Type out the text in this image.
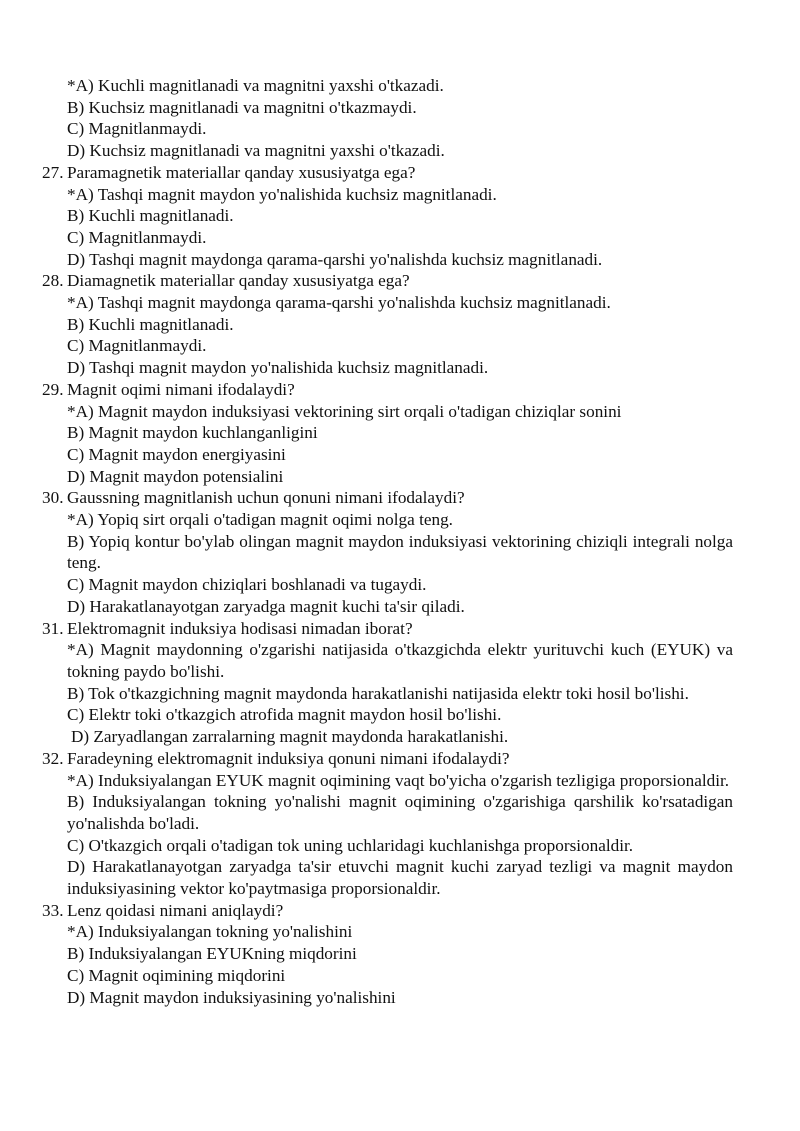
*A) Kuchli magnitlanadi va magnitni yaxshi o'tkazadi.
B) Kuchsiz magnitlanadi va magnitni o'tkazmaydi.
C) Magnitlanmaydi.
D) Kuchsiz magnitlanadi va magnitni yaxshi o'tkazadi.
27. Paramagnetik materiallar qanday xususiyatga ega?
*A) Tashqi magnit maydon yo'nalishida kuchsiz magnitlanadi.
B) Kuchli magnitlanadi.
C) Magnitlanmaydi.
D) Tashqi magnit maydonga qarama-qarshi yo'nalishda kuchsiz magnitlanadi.
28. Diamagnetik materiallar qanday xususiyatga ega?
*A) Tashqi magnit maydonga qarama-qarshi yo'nalishda kuchsiz magnitlanadi.
B) Kuchli magnitlanadi.
C) Magnitlanmaydi.
D) Tashqi magnit maydon yo'nalishida kuchsiz magnitlanadi.
29. Magnit oqimi nimani ifodalaydi?
*A) Magnit maydon induksiyasi vektorining sirt orqali o'tadigan chiziqlar sonini
B) Magnit maydon kuchlanganligini
C) Magnit maydon energiyasini
D) Magnit maydon potensialini
30. Gaussning magnitlanish uchun qonuni nimani ifodalaydi?
*A) Yopiq sirt orqali o'tadigan magnit oqimi nolga teng.
B) Yopiq kontur bo'ylab olingan magnit maydon induksiyasi vektorining chiziqli integrali nolga teng.
C) Magnit maydon chiziqlari boshlanadi va tugaydi.
D) Harakatlanayotgan zaryadga magnit kuchi ta'sir qiladi.
31. Elektromagnit induksiya hodisasi nimadan iborat?
*A) Magnit maydonning o'zgarishi natijasida o'tkazgichda elektr yurituvchi kuch (EYUK) va tokning paydo bo'lishi.
B) Tok o'tkazgichning magnit maydonda harakatlanishi natijasida elektr toki hosil bo'lishi.
C) Elektr toki o'tkazgich atrofida magnit maydon hosil bo'lishi.
D) Zaryadlangan zarralarning magnit maydonda harakatlanishi.
32. Faradeyning elektromagnit induksiya qonuni nimani ifodalaydi?
*A) Induksiyalangan EYUK magnit oqimining vaqt bo'yicha o'zgarish tezligiga proporsionaldir.
B) Induksiyalangan tokning yo'nalishi magnit oqimining o'zgarishiga qarshilik ko'rsatadigan yo'nalishda bo'ladi.
C) O'tkazgich orqali o'tadigan tok uning uchlaridagi kuchlanishga proporsionaldir.
D) Harakatlanayotgan zaryadga ta'sir etuvchi magnit kuchi zaryad tezligi va magnit maydon induksiyasining vektor ko'paytmasiga proporsionaldir.
33. Lenz qoidasi nimani aniqlaydi?
*A) Induksiyalangan tokning yo'nalishini
B) Induksiyalangan EYUKning miqdorini
C) Magnit oqimining miqdorini
D) Magnit maydon induksiyasining yo'nalishini
